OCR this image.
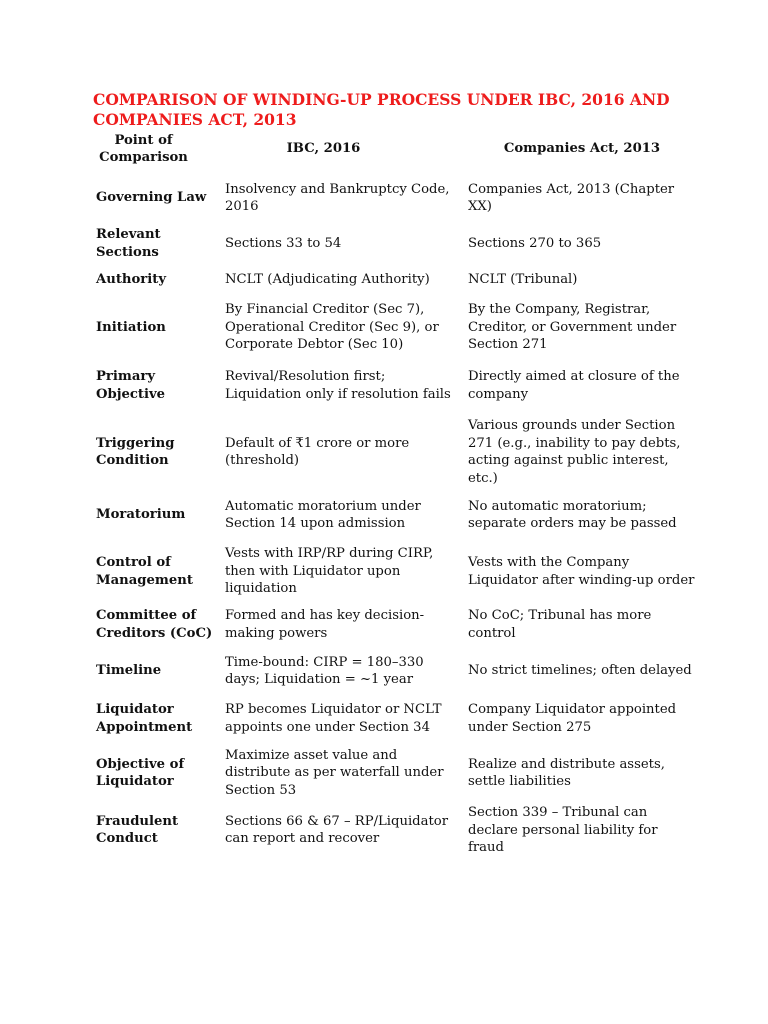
COMPARISON OF WINDING-UP PROCESS UNDER IBC, 2016 AND COMPANIES ACT, 2013
Point of Comparison	IBC, 2016	Companies Act, 2013
Governing Law	Insolvency and Bankruptcy Code, 2016	Companies Act, 2013 (Chapter XX)
Relevant Sections	Sections 33 to 54	Sections 270 to 365
Authority	NCLT (Adjudicating Authority)	NCLT (Tribunal)
Initiation	By Financial Creditor (Sec 7), Operational Creditor (Sec 9), or Corporate Debtor (Sec 10)	By the Company, Registrar, Creditor, or Government under Section 271
Primary Objective	Revival/Resolution first; Liquidation only if resolution fails	Directly aimed at closure of the company
Triggering Condition	Default of ₹1 crore or more (threshold)	Various grounds under Section 271 (e.g., inability to pay debts, acting against public interest, etc.)
Moratorium	Automatic moratorium under Section 14 upon admission	No automatic moratorium; separate orders may be passed
Control of Management	Vests with IRP/RP during CIRP, then with Liquidator upon liquidation	Vests with the Company Liquidator after winding-up order
Committee of Creditors (CoC)	Formed and has key decision-making powers	No CoC; Tribunal has more control
Timeline	Time-bound: CIRP = 180–330 days; Liquidation = ~1 year	No strict timelines; often delayed
Liquidator Appointment	RP becomes Liquidator or NCLT appoints one under Section 34	Company Liquidator appointed under Section 275
Objective of Liquidator	Maximize asset value and distribute as per waterfall under Section 53	Realize and distribute assets, settle liabilities
Fraudulent Conduct	Sections 66 & 67 – RP/Liquidator can report and recover	Section 339 – Tribunal can declare personal liability for fraud
